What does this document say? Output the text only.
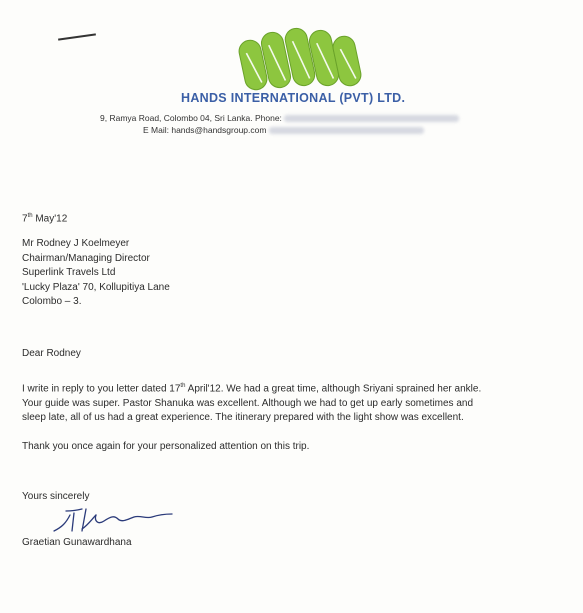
HANDS INTERNATIONAL (PVT) LTD.
9, Ramya Road, Colombo 04, Sri Lanka. Phone:
E Mail: hands@handsgroup.com
7th May'12
Mr Rodney J Koelmeyer
Chairman/Managing Director
Superlink Travels Ltd
'Lucky Plaza' 70, Kollupitiya Lane
Colombo – 3.
Dear Rodney
I write in reply to you letter dated 17th April'12. We had a great time, although Sriyani sprained her ankle.
Your guide was super. Pastor Shanuka was excellent. Although we had to get up early sometimes and
sleep late, all of us had a great experience. The itinerary prepared with the light show was excellent.
Thank you once again for your personalized attention on this trip.
Yours sincerely
Graetian Gunawardhana
